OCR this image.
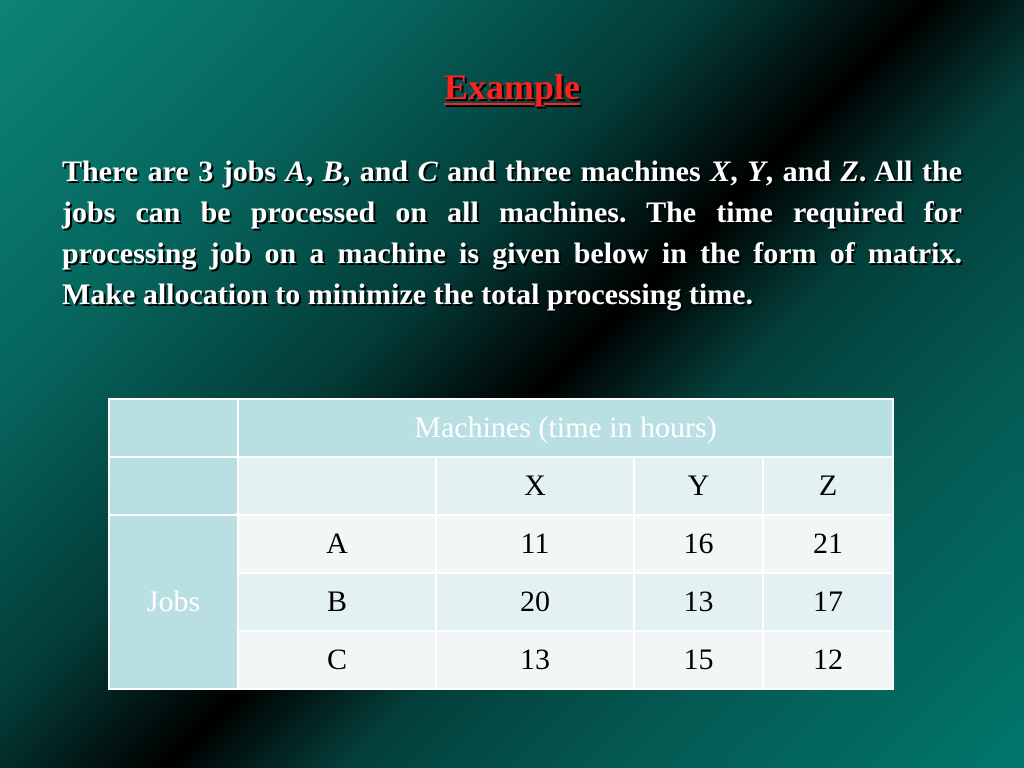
Example
There are 3 jobs A, B, and C and three machines X, Y, and Z. All the jobs can be processed on all machines. The time required for processing job on a machine is given below in the form of matrix. Make allocation to minimize the total processing time.
	Machines (time in hours)			
		X	Y	Z
Jobs	A	11	16	21
	B	20	13	17
	C	13	15	12
